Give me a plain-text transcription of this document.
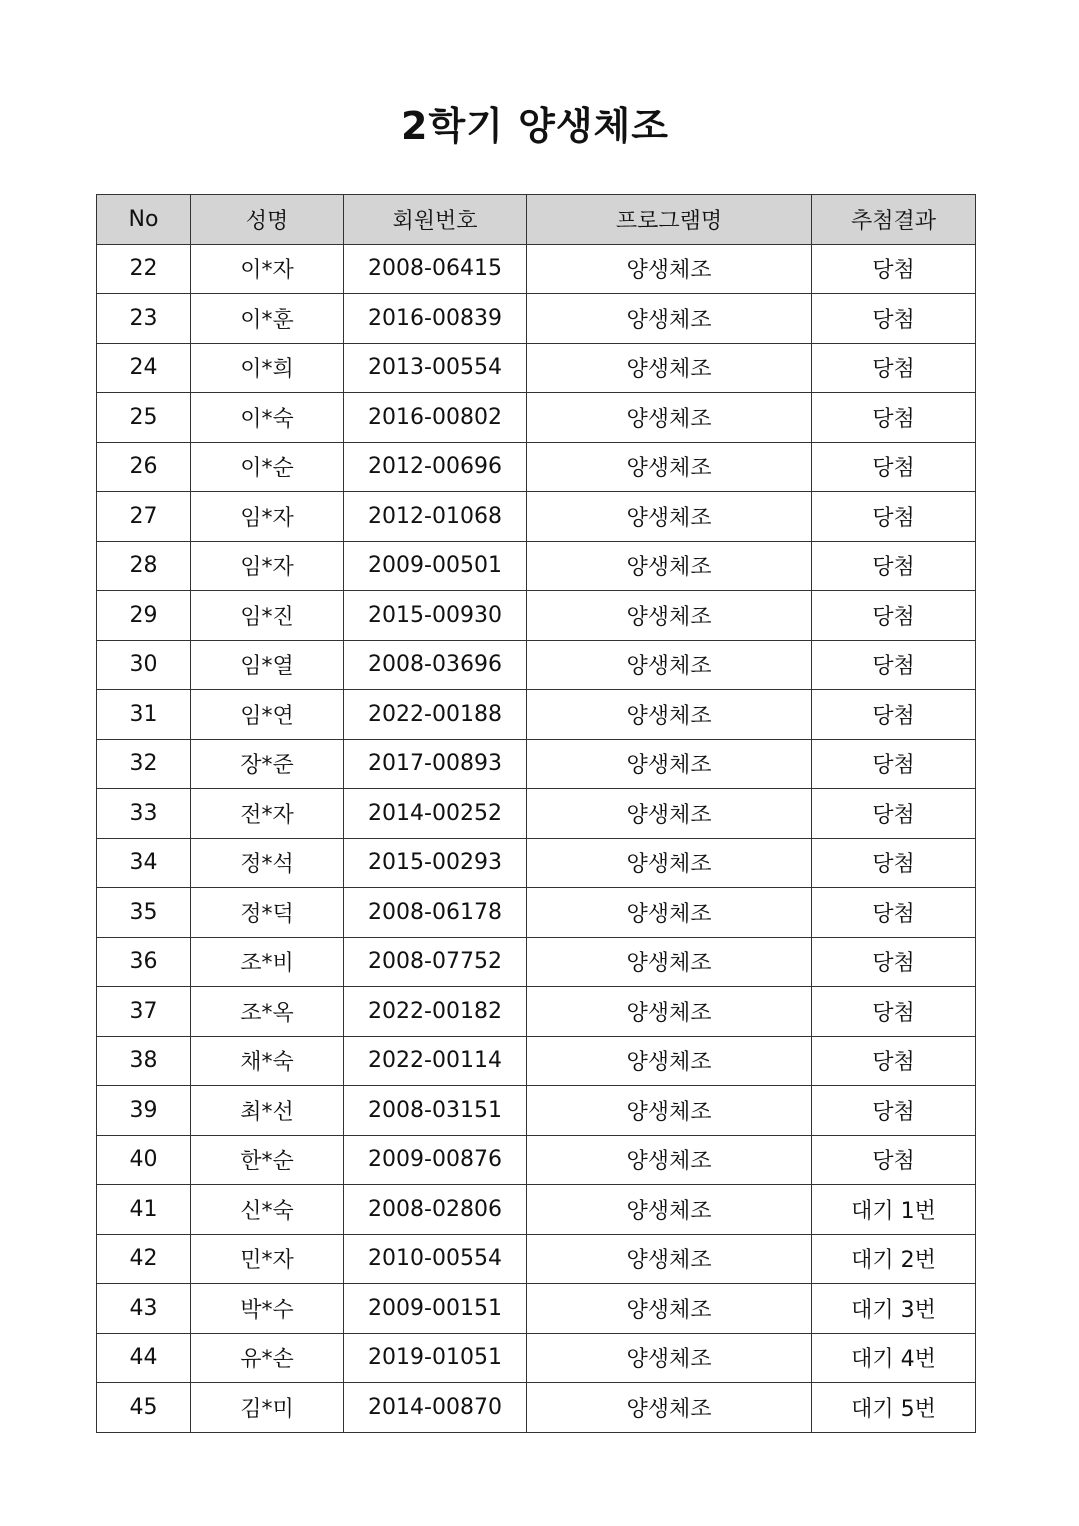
2학기 양생체조
No	성명	회원번호	프로그램명	추첨결과
22	이*자	2008-06415	양생체조	당첨
23	이*훈	2016-00839	양생체조	당첨
24	이*희	2013-00554	양생체조	당첨
25	이*숙	2016-00802	양생체조	당첨
26	이*순	2012-00696	양생체조	당첨
27	임*자	2012-01068	양생체조	당첨
28	임*자	2009-00501	양생체조	당첨
29	임*진	2015-00930	양생체조	당첨
30	임*열	2008-03696	양생체조	당첨
31	임*연	2022-00188	양생체조	당첨
32	장*준	2017-00893	양생체조	당첨
33	전*자	2014-00252	양생체조	당첨
34	정*석	2015-00293	양생체조	당첨
35	정*덕	2008-06178	양생체조	당첨
36	조*비	2008-07752	양생체조	당첨
37	조*옥	2022-00182	양생체조	당첨
38	채*숙	2022-00114	양생체조	당첨
39	최*선	2008-03151	양생체조	당첨
40	한*순	2009-00876	양생체조	당첨
41	신*숙	2008-02806	양생체조	대기 1번
42	민*자	2010-00554	양생체조	대기 2번
43	박*수	2009-00151	양생체조	대기 3번
44	유*손	2019-01051	양생체조	대기 4번
45	김*미	2014-00870	양생체조	대기 5번
